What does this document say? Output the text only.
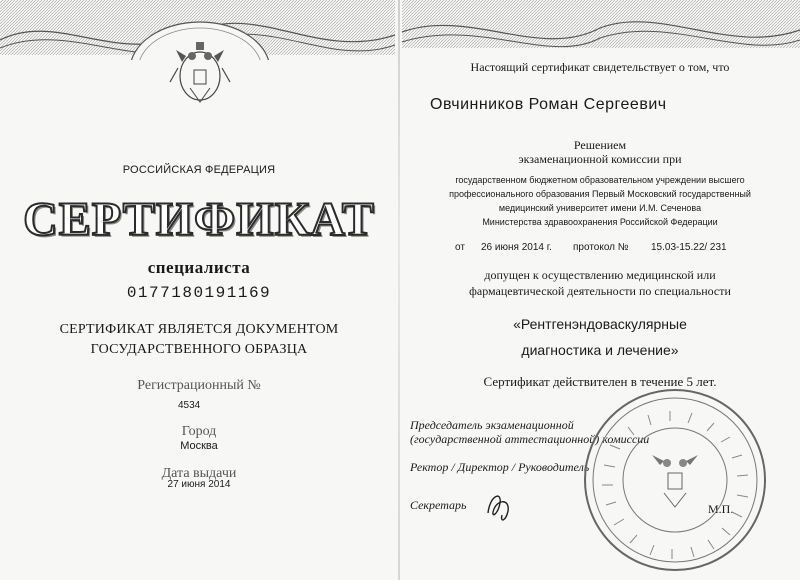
РОССИЙСКАЯ ФЕДЕРАЦИЯ
СЕРТИФИКАТ
специалиста
0177180191169
СЕРТИФИКАТ ЯВЛЯЕТСЯ ДОКУМЕНТОМ
ГОСУДАРСТВЕННОГО ОБРАЗЦА
Регистрационный №
4534
Город
Москва
Дата выдачи
27 июня 2014
Настоящий сертификат свидетельствует о том, что
Овчинников Роман Сергеевич
Решением
экзаменационной комиссии при
государственном бюджетном образовательном учреждении высшего
профессионального образования Первый Московский государственный
медицинский университет имени И.М. Сеченова
Министерства здравоохранения Российской Федерации
от 26 июня 2014 г. протокол № 15.03-15.22/ 231
допущен к осуществлению медицинской или
фармацевтической деятельности по специальности
«Рентгенэндоваскулярные
диагностика и лечение»
Сертификат действителен в течение 5 лет.
Председатель экзаменационной
(государственной аттестационной) комиссии
Ректор / Директор / Руководитель
Секретарь	М.П.
